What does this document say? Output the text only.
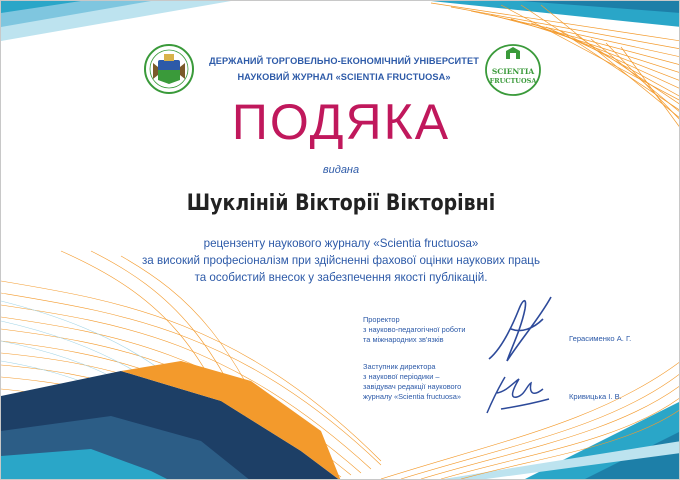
ДЕРЖАНИЙ ТОРГОВЕЛЬНО-ЕКОНОМІЧНИЙ УНІВЕРСИТЕТ
НАУКОВИЙ ЖУРНАЛ «SCIENTIA FRUCTUOSA»
SCIENTIA
FRUCTUOSA
ПОДЯКА
видана
Шукліній Вікторії Вікторівні
рецензенту наукового журналу «Scientia fructuosa»
за високий професіоналізм при здійсненні фахової оцінки наукових праць
та особистий внесок у забезпечення якості публікацій.
Проректор
з науково-педагогічної роботи
та міжнародних зв'язків	Герасименко А. Г.
Заступник директора
з наукової періодики –
завідувач редакції наукового
журналу «Scientia fructuosa»	Кривицька І. В.
